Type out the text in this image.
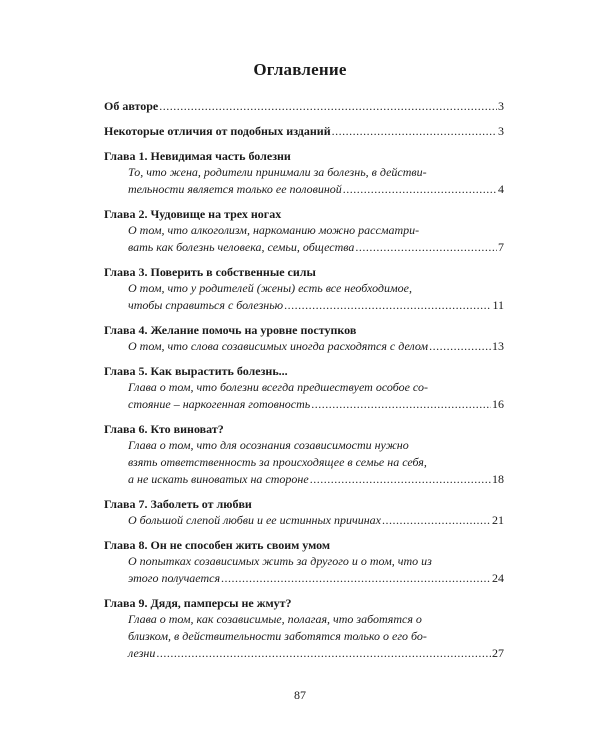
Оглавление
Об авторе .....	3
Некоторые отличия от подобных изданий .....	3
Глава 1. Невидимая часть болезни
То, что жена, родители принимали за болезнь, в действи-
тельности является только ее половиной .....	4
Глава 2. Чудовище на трех ногах
О том, что алкоголизм, наркоманию можно рассматри-
вать как болезнь человека, семьи, общества .....	7
Глава 3. Поверить в собственные силы
О том, что у родителей (жены) есть все необходимое,
чтобы справиться с болезнью .....	11
Глава 4. Желание помочь на уровне поступков
О том, что слова созависимых иногда расходятся с делом .....	13
Глава 5. Как вырастить болезнь...
Глава о том, что болезни всегда предшествует особое со-
стояние – наркогенная готовность .....	16
Глава 6. Кто виноват?
Глава о том, что для осознания созависимости нужно
взять ответственность за происходящее в семье на себя,
а не искать виноватых на стороне .....	18
Глава 7. Заболеть от любви
О большой слепой любви и ее истинных причинах .....	21
Глава 8. Он не способен жить своим умом
О попытках созависимых жить за другого и о том, что из
этого получается .....	24
Глава 9. Дядя, памперсы не жмут?
Глава о том, как созависимые, полагая, что заботятся о
близком, в действительности заботятся только о его бо-
лезни .....	27
87
